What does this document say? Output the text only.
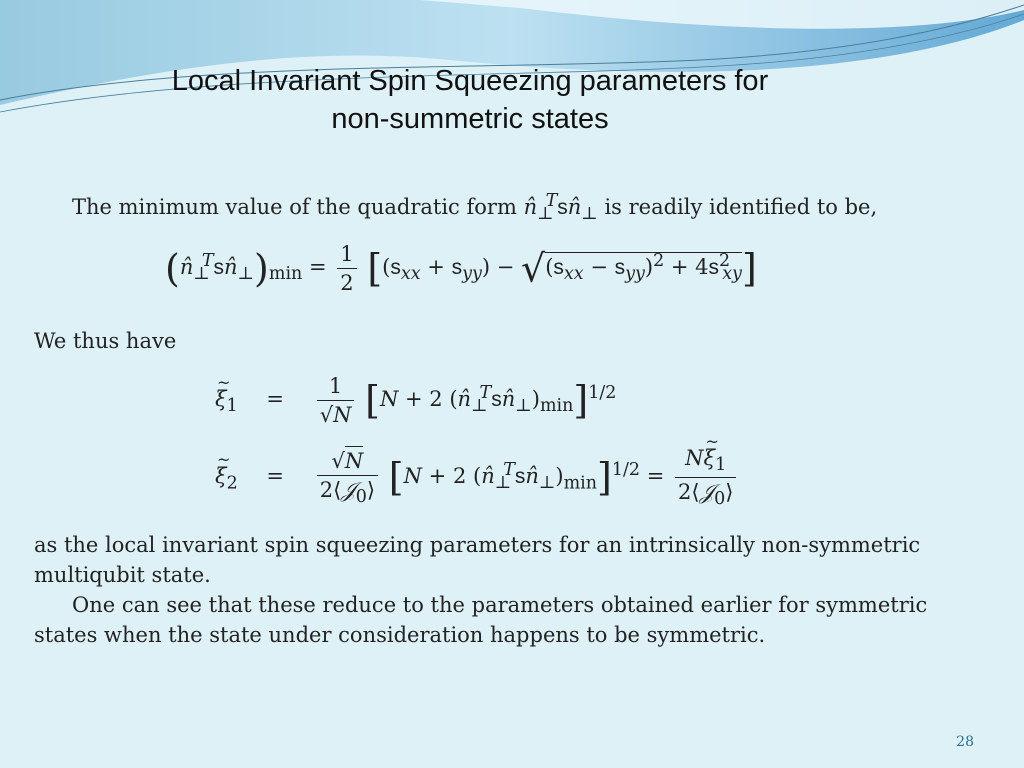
Local Invariant Spin Squeezing parameters for
non-summetric states
The minimum value of the quadratic form $n̂_\perp^Tsn̂_\perp$ is readily identified to be,
$(n̂_\perp^Tsn̂_\perp)_{min} = \frac{1}{2} [(s_{xx} + s_{yy}) - √(s_{xx} - s_{yy})^2 + 4s^2_{xy}]$
We thus have
ξ
~
$_1 = \frac{1}{√N} [N + 2$ $(n̂_\perp^Tsn̂_\perp)_{min}]^{1/2}$
ξ
~
$_2 = \frac{√N}{2⟨𝒥_0⟩} [N + 2$ $(n̂_\perp^Tsn̂_\perp)_{min}]^{1/2} = N\xi$
~
$_1$
2⟨𝒥$_0$⟩
as the local invariant spin squeezing parameters for an intrinsically non-symmetric multiqubit state.
One can see that these reduce to the parameters obtained earlier for symmetric states when the state under consideration happens to be symmetric.
28
